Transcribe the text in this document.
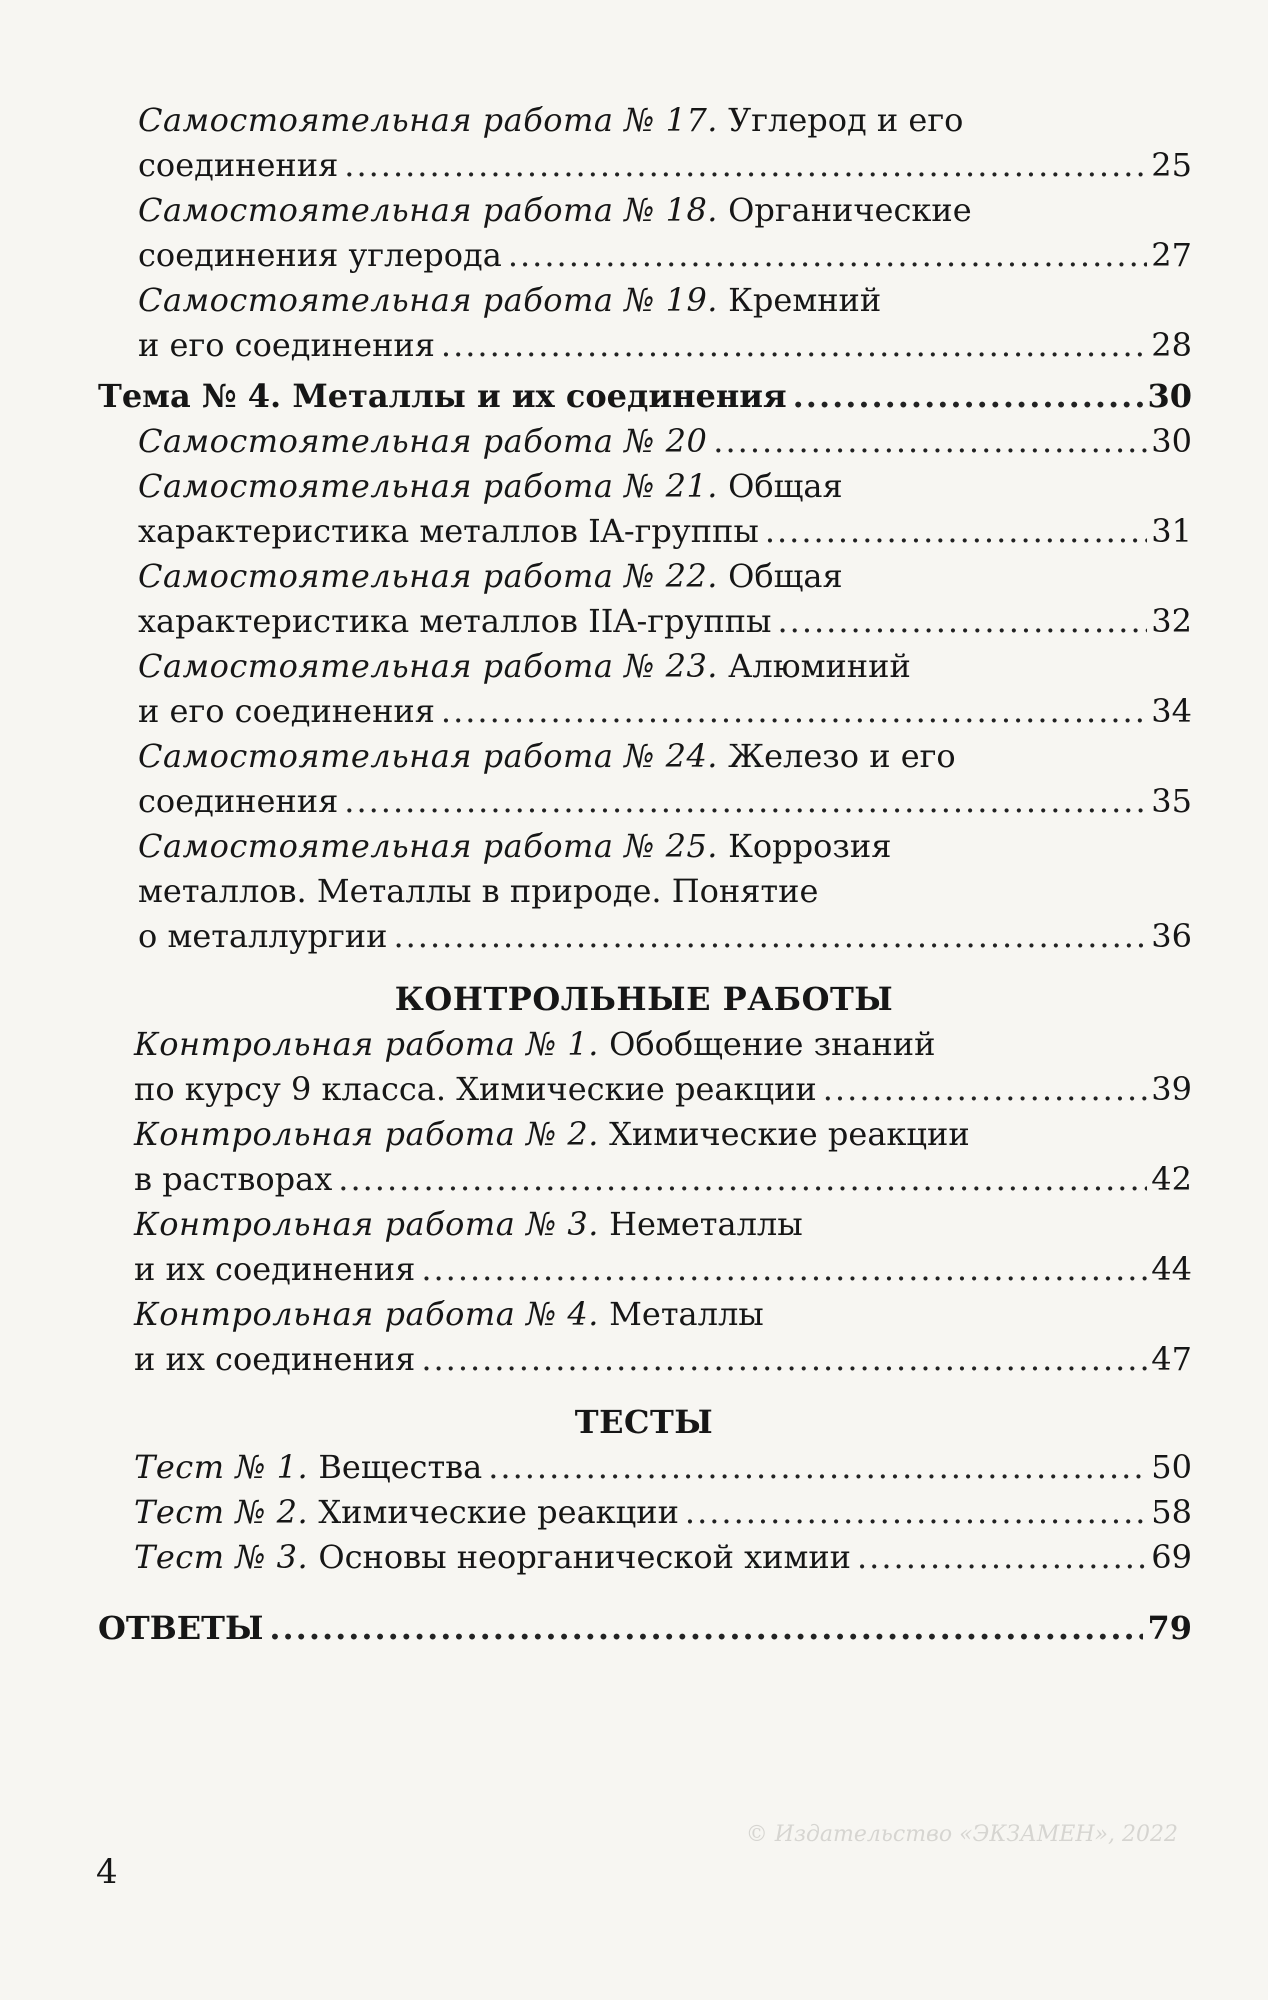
Самостоятельная работа № 17. Углерод и его
соединения .....	25
Самостоятельная работа № 18. Органические
соединения углерода .....	27
Самостоятельная работа № 19. Кремний
и его соединения .....	28
Тема № 4. Металлы и их соединения .....	30
Самостоятельная работа № 20 .....	30
Самостоятельная работа № 21. Общая
характеристика металлов IA-группы .....	31
Самостоятельная работа № 22. Общая
характеристика металлов IIA-группы .....	32
Самостоятельная работа № 23. Алюминий
и его соединения .....	34
Самостоятельная работа № 24. Железо и его
соединения .....	35
Самостоятельная работа № 25. Коррозия
металлов. Металлы в природе. Понятие
о металлургии .....	36
КОНТРОЛЬНЫЕ РАБОТЫ
Контрольная работа № 1. Обобщение знаний
по курсу 9 класса. Химические реакции .....	39
Контрольная работа № 2. Химические реакции
в растворах .....	42
Контрольная работа № 3. Неметаллы
и их соединения .....	44
Контрольная работа № 4. Металлы
и их соединения .....	47
ТЕСТЫ
Тест № 1. Вещества .....	50
Тест № 2. Химические реакции .....	58
Тест № 3. Основы неорганической химии .....	69
ОТВЕТЫ .....	79
4
© Издательство «ЭКЗАМЕН», 2022
